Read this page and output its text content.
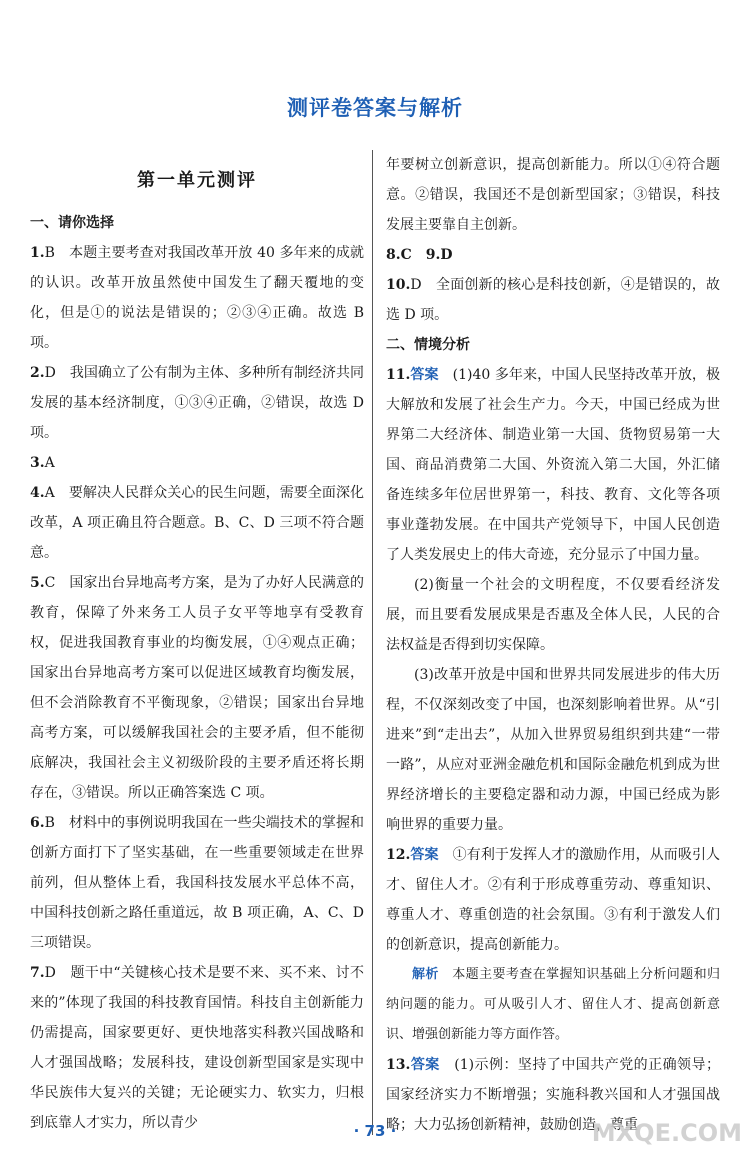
测评卷答案与解析
第一单元测评
一、请你选择

1.B　本题主要考查对我国改革开放 40 多年来的成就的认识。改革开放虽然使中国发生了翻天覆地的变化，但是①的说法是错误的；②③④正确。故选 B 项。

2.D　我国确立了公有制为主体、多种所有制经济共同发展的基本经济制度，①③④正确，②错误，故选 D 项。

3.A

4.A　要解决人民群众关心的民生问题，需要全面深化改革，A 项正确且符合题意。B、C、D 三项不符合题意。

5.C　国家出台异地高考方案，是为了办好人民满意的教育，保障了外来务工人员子女平等地享有受教育权，促进我国教育事业的均衡发展，①④观点正确；国家出台异地高考方案可以促进区域教育均衡发展，但不会消除教育不平衡现象，②错误；国家出台异地高考方案，可以缓解我国社会的主要矛盾，但不能彻底解决，我国社会主义初级阶段的主要矛盾还将长期存在，③错误。所以正确答案选 C 项。

6.B　材料中的事例说明我国在一些尖端技术的掌握和创新方面打下了坚实基础，在一些重要领域走在世界前列，但从整体上看，我国科技发展水平总体不高，中国科技创新之路任重道远，故 B 项正确，A、C、D 三项错误。

7.D　题干中“关键核心技术是要不来、买不来、讨不来的”体现了我国的科技教育国情。科技自主创新能力仍需提高，国家要更好、更快地落实科教兴国战略和人才强国战略；发展科技，建设创新型国家是实现中华民族伟大复兴的关键；无论硬实力、软实力，归根到底靠人才实力，所以青少

年要树立创新意识，提高创新能力。所以①④符合题意。②错误，我国还不是创新型国家；③错误，科技发展主要靠自主创新。

8.C　9.D

10.D　全面创新的核心是科技创新，④是错误的，故选 D 项。

二、情境分析

11.答案　 (1)40 多年来，中国人民坚持改革开放，极大解放和发展了社会生产力。今天，中国已经成为世界第二大经济体、制造业第一大国、货物贸易第一大国、商品消费第二大国、外资流入第二大国，外汇储备连续多年位居世界第一，科技、教育、文化等各项事业蓬勃发展。在中国共产党领导下，中国人民创造了人类发展史上的伟大奇迹，充分显示了中国力量。

(2)衡量一个社会的文明程度，不仅要看经济发展，而且要看发展成果是否惠及全体人民，人民的合法权益是否得到切实保障。

(3)改革开放是中国和世界共同发展进步的伟大历程，不仅深刻改变了中国，也深刻影响着世界。从“引进来”到“走出去”，从加入世界贸易组织到共建“一带一路”，从应对亚洲金融危机和国际金融危机到成为世界经济增长的主要稳定器和动力源，中国已经成为影响世界的重要力量。

12.答案　 ①有利于发挥人才的激励作用，从而吸引人才、留住人才。②有利于形成尊重劳动、尊重知识、尊重人才、尊重创造的社会氛围。③有利于激发人们的创新意识，提高创新能力。

解析　 本题主要考查在掌握知识基础上分析问题和归纳问题的能力。可从吸引人才、留住人才、提高创新意识、增强创新能力等方面作答。

13.答案　 (1)示例：坚持了中国共产党的正确领导；国家经济实力不断增强；实施科教兴国和人才强国战略；大力弘扬创新精神，鼓励创造，尊重

· 73 ·	MXQE.COM
